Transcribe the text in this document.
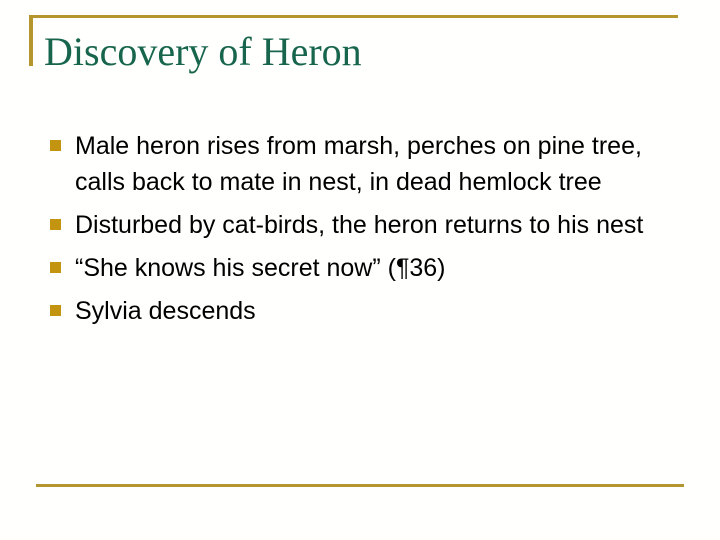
Discovery of Heron
Male heron rises from marsh, perches on pine tree, calls back to mate in nest, in dead hemlock tree
Disturbed by cat-birds, the heron returns to his nest
“She knows his secret now” (¶36)
Sylvia descends
